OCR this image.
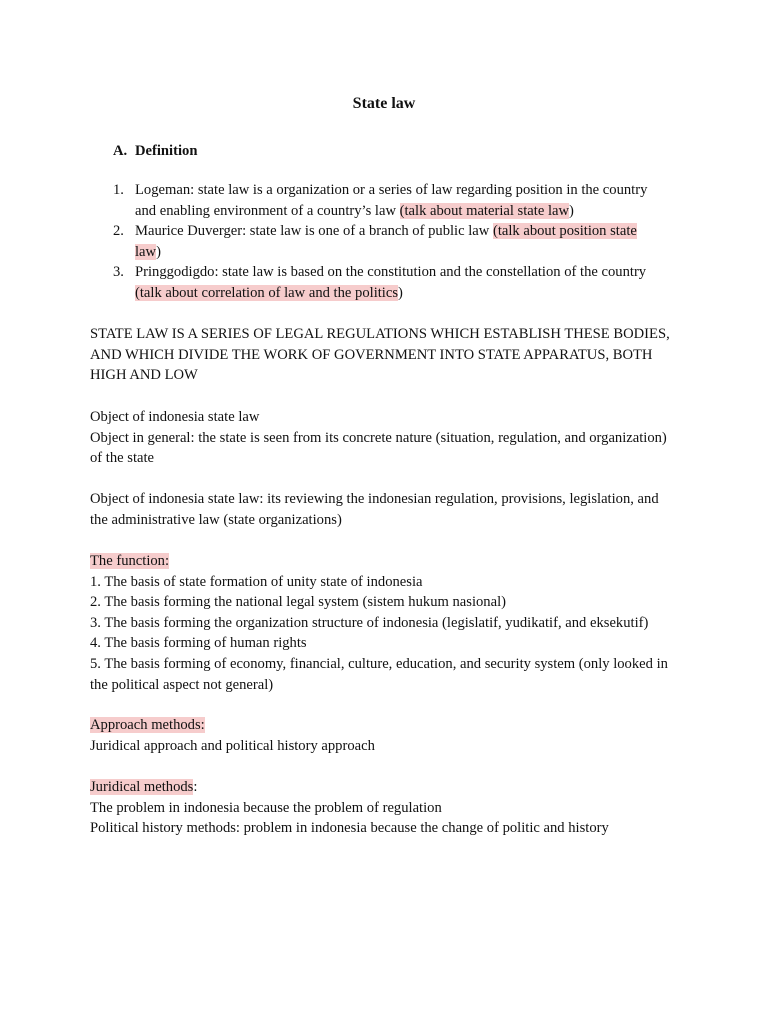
State law
A. Definition
1. Logeman: state law is a organization or a series of law regarding position in the country and enabling environment of a country’s law (talk about material state law)
2. Maurice Duverger: state law is one of a branch of public law (talk about position state law)
3. Pringgodigdo: state law is based on the constitution and the constellation of the country (talk about correlation of law and the politics)

STATE LAW IS A SERIES OF LEGAL REGULATIONS WHICH ESTABLISH THESE BODIES, AND WHICH DIVIDE THE WORK OF GOVERNMENT INTO STATE APPARATUS, BOTH HIGH AND LOW

Object of indonesia state law

Object in general: the state is seen from its concrete nature (situation, regulation, and organization) of the state

Object of indonesia state law: its reviewing the indonesian regulation, provisions, legislation, and the administrative law (state organizations)

The function:

1. The basis of state formation of unity state of indonesia

2. The basis forming the national legal system (sistem hukum nasional)

3. The basis forming the organization structure of indonesia (legislatif, yudikatif, and eksekutif)

4. The basis forming of human rights

5. The basis forming of economy, financial, culture, education, and security system (only looked in the political aspect not general)

Approach methods:

Juridical approach and political history approach

Juridical methods:

The problem in indonesia because the problem of regulation

Political history methods: problem in indonesia because the change of politic and history
